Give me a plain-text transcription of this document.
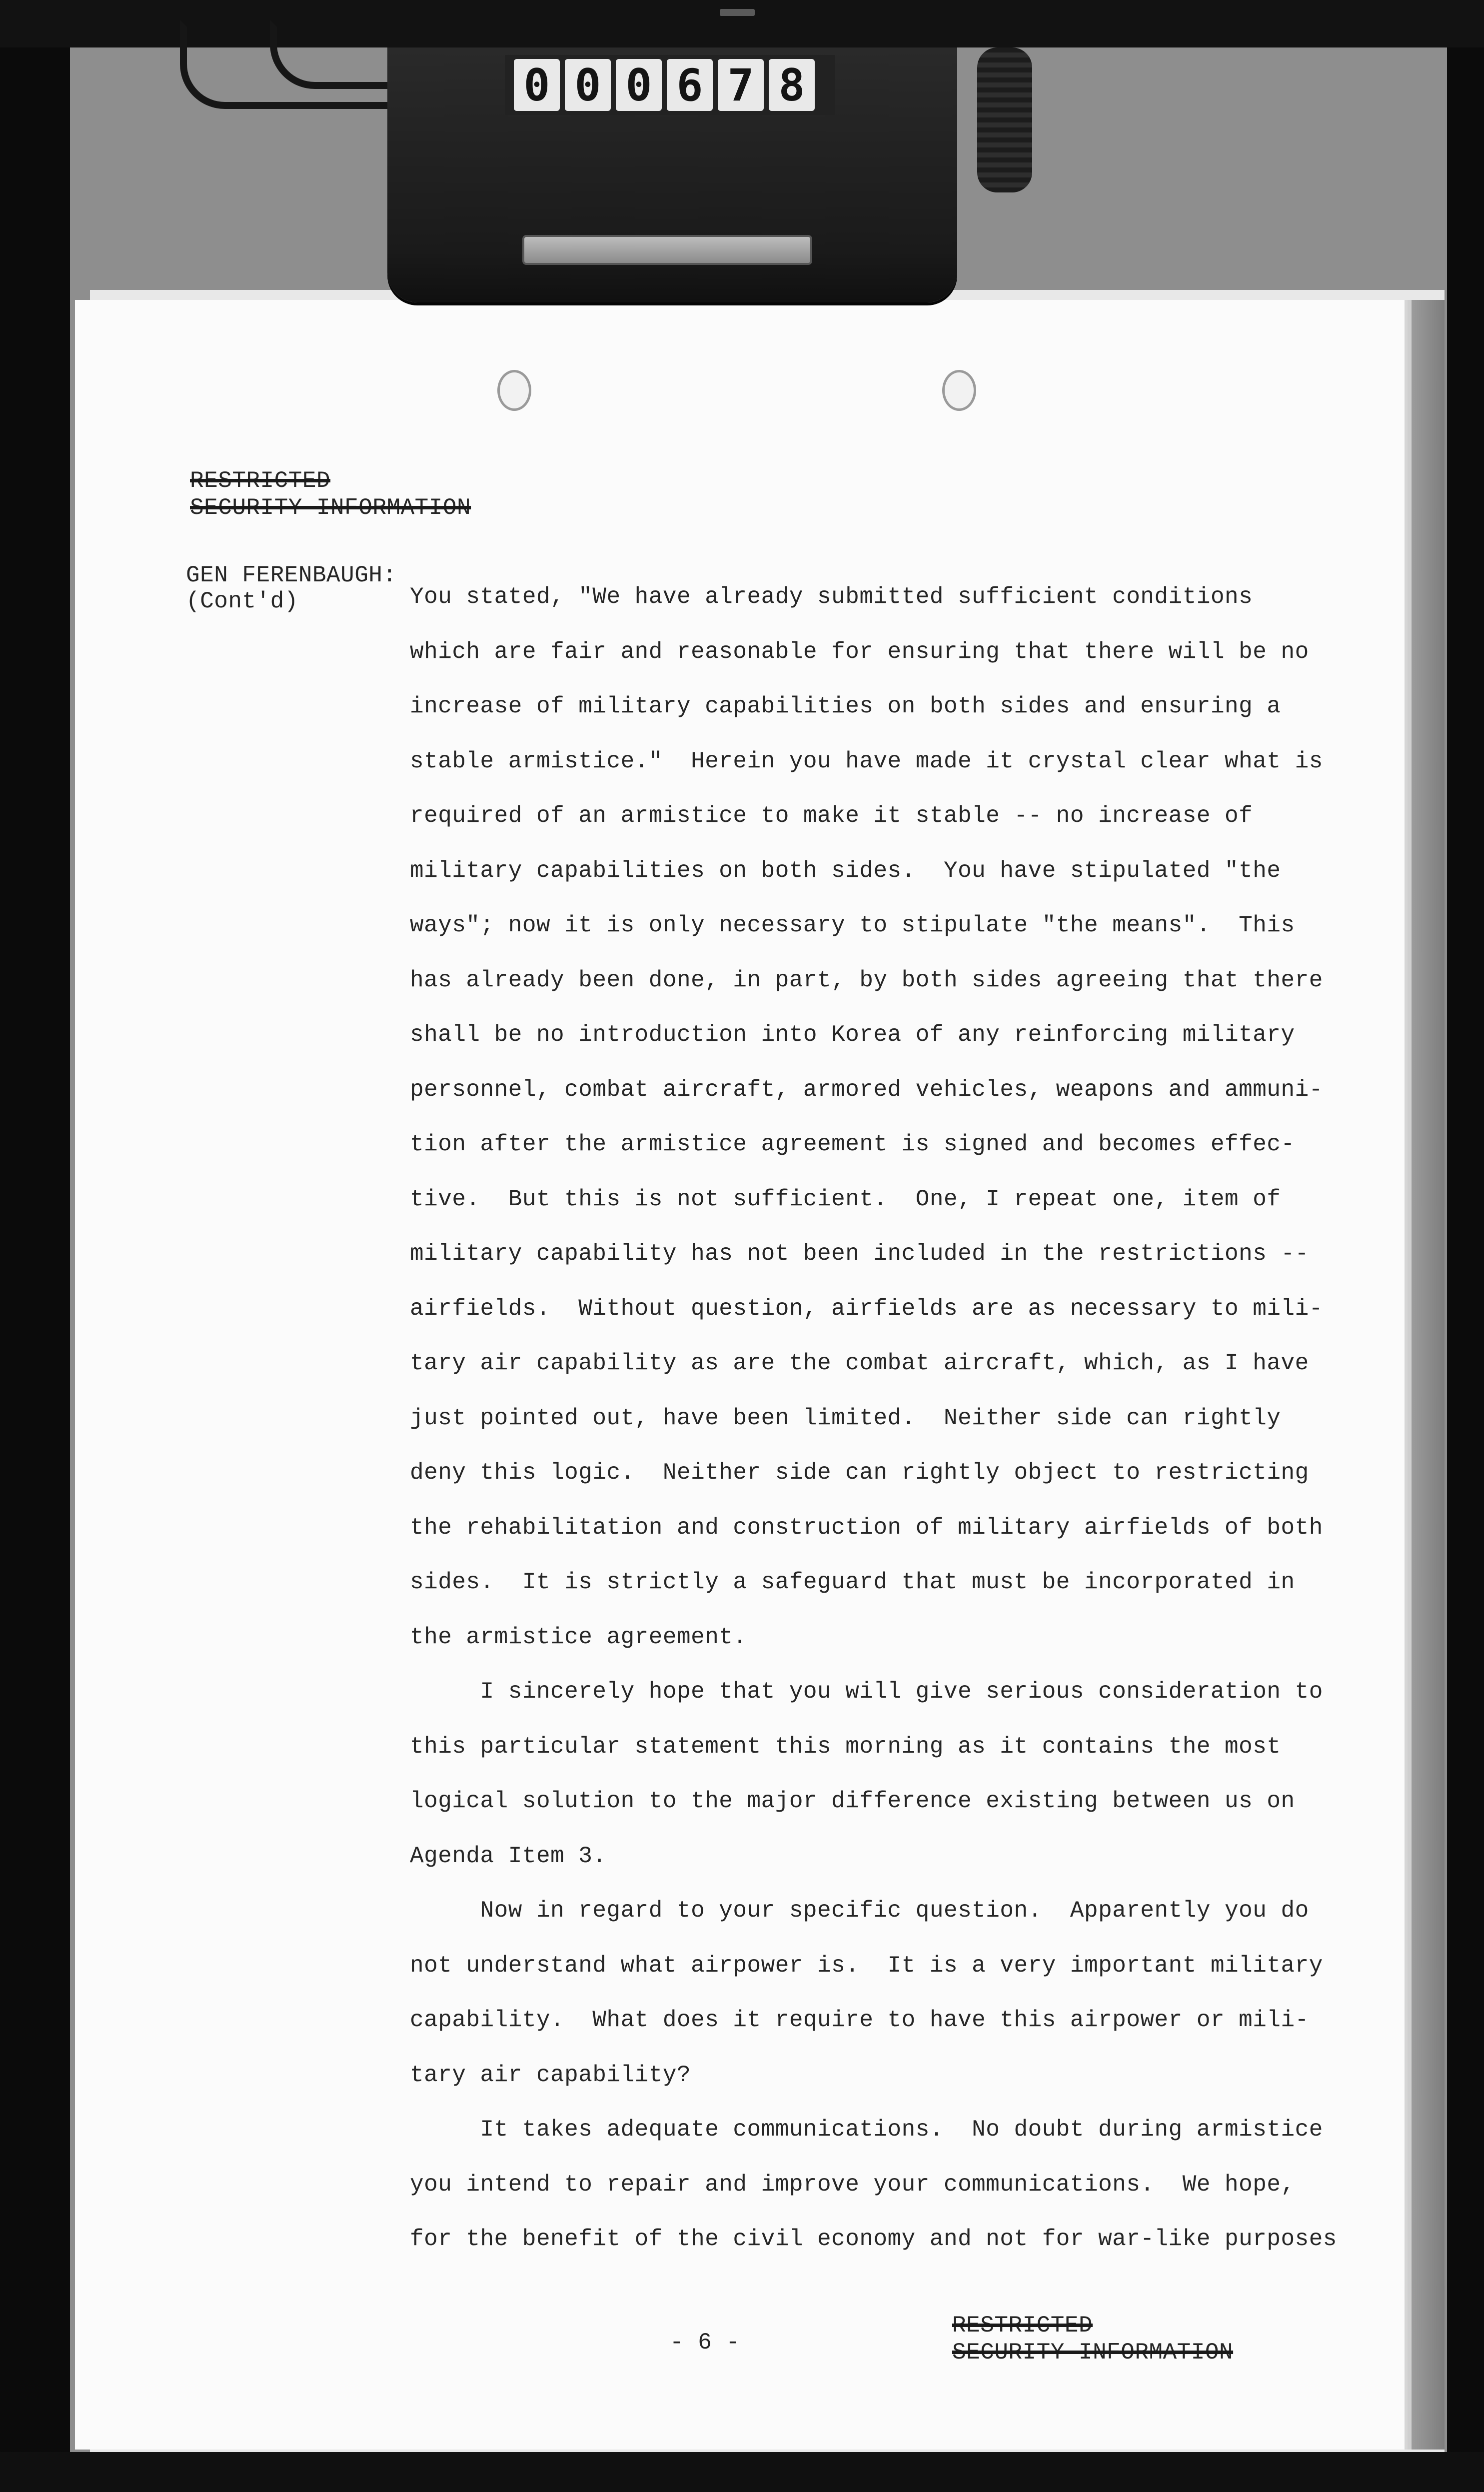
0 0 0 6 7 8
RESTRICTED
SECURITY INFORMATION
GEN FERENBAUGH:
(Cont'd)	You stated, "We have already submitted sufficient conditions
which are fair and reasonable for ensuring that there will be no
increase of military capabilities on both sides and ensuring a
stable armistice."  Herein you have made it crystal clear what is
required of an armistice to make it stable -- no increase of
military capabilities on both sides.  You have stipulated "the
ways"; now it is only necessary to stipulate "the means".  This
has already been done, in part, by both sides agreeing that there
shall be no introduction into Korea of any reinforcing military
personnel, combat aircraft, armored vehicles, weapons and ammuni-
tion after the armistice agreement is signed and becomes effec-
tive.  But this is not sufficient.  One, I repeat one, item of
military capability has not been included in the restrictions --
airfields.  Without question, airfields are as necessary to mili-
tary air capability as are the combat aircraft, which, as I have
just pointed out, have been limited.  Neither side can rightly
deny this logic.  Neither side can rightly object to restricting
the rehabilitation and construction of military airfields of both
sides.  It is strictly a safeguard that must be incorporated in
the armistice agreement.
I sincerely hope that you will give serious consideration to
this particular statement this morning as it contains the most
logical solution to the major difference existing between us on
Agenda Item 3.
Now in regard to your specific question.  Apparently you do
not understand what airpower is.  It is a very important military
capability.  What does it require to have this airpower or mili-
tary air capability?
It takes adequate communications.  No doubt during armistice
you intend to repair and improve your communications.  We hope,
for the benefit of the civil economy and not for war-like purposes
- 6 -
RESTRICTED
SECURITY INFORMATION
